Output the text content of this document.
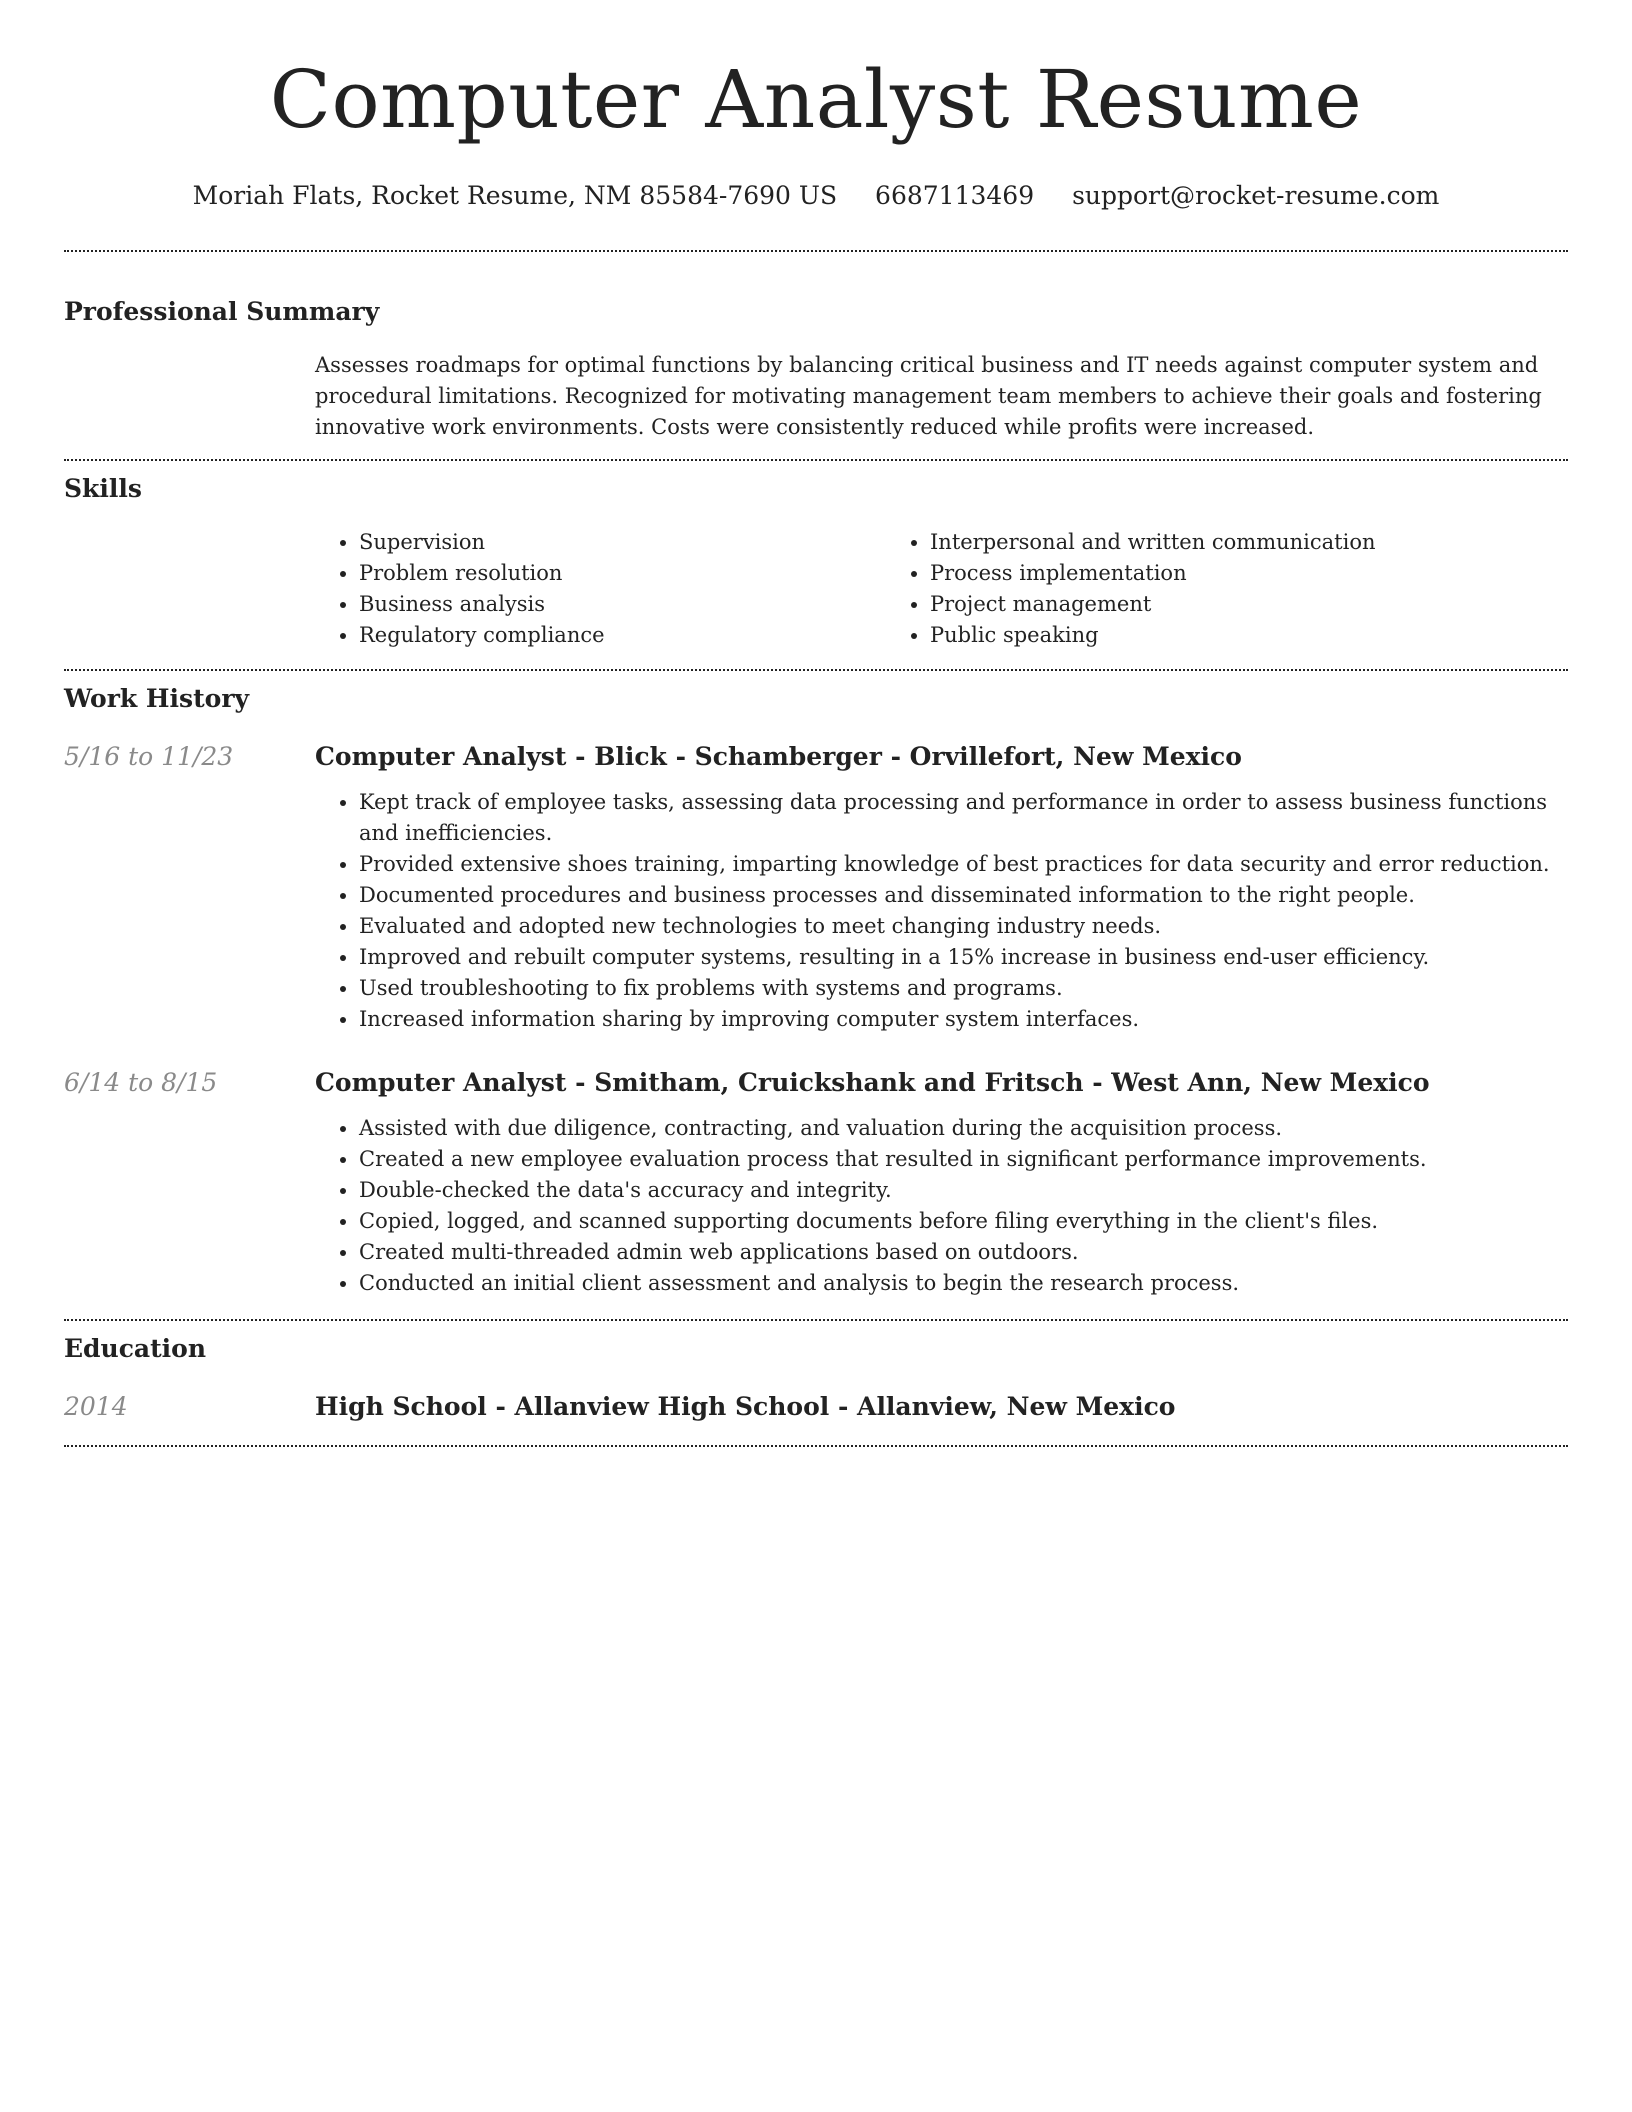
Computer Analyst Resume
Moriah Flats, Rocket Resume, NM 85584-7690 US 6687113469 support@rocket-resume.com
Professional Summary

Assesses roadmaps for optimal functions by balancing critical business and IT needs against computer system and procedural limitations. Recognized for motivating management team members to achieve their goals and fostering innovative work environments. Costs were consistently reduced while profits were increased.

Skills
• Supervision
• Problem resolution
• Business analysis
• Regulatory compliance
• Interpersonal and written communication
• Process implementation
• Project management
• Public speaking
Work History
5/16 to 11/23	Computer Analyst - Blick - Schamberger - Orvillefort, New Mexico
• Kept track of employee tasks, assessing data processing and performance in order to assess business functions and inefficiencies.
• Provided extensive shoes training, imparting knowledge of best practices for data security and error reduction.
• Documented procedures and business processes and disseminated information to the right people.
• Evaluated and adopted new technologies to meet changing industry needs.
• Improved and rebuilt computer systems, resulting in a 15% increase in business end-user efficiency.
• Used troubleshooting to fix problems with systems and programs.
• Increased information sharing by improving computer system interfaces.
6/14 to 8/15	Computer Analyst - Smitham, Cruickshank and Fritsch - West Ann, New Mexico
• Assisted with due diligence, contracting, and valuation during the acquisition process.
• Created a new employee evaluation process that resulted in significant performance improvements.
• Double-checked the data's accuracy and integrity.
• Copied, logged, and scanned supporting documents before filing everything in the client's files.
• Created multi-threaded admin web applications based on outdoors.
• Conducted an initial client assessment and analysis to begin the research process.
Education
2014	High School - Allanview High School - Allanview, New Mexico
